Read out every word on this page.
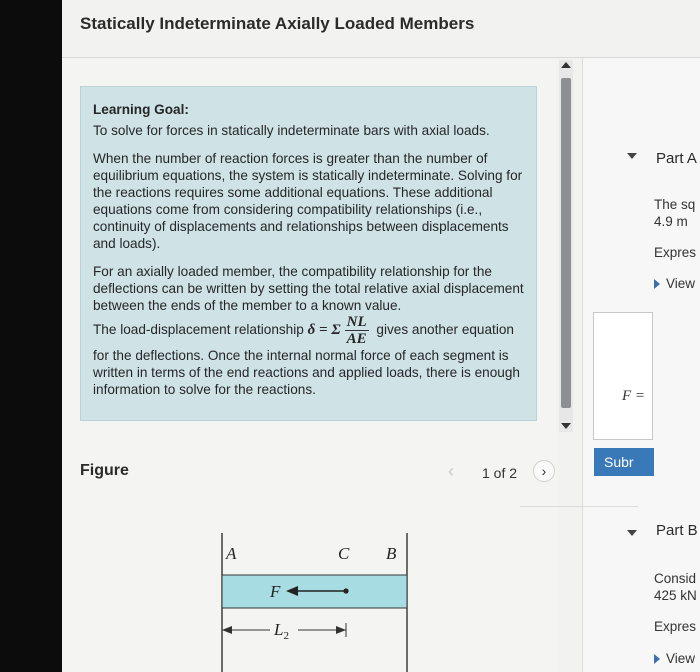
Statically Indeterminate Axially Loaded Members

Learning Goal:

To solve for forces in statically indeterminate bars with axial loads.

When the number of reaction forces is greater than the number of equilibrium equations, the system is statically indeterminate. Solving for the reactions requires some additional equations. These additional equations come from considering compatibility relationships (i.e., continuity of displacements and relationships between displacements and loads).

For an axially loaded member, the compatibility relationship for the deflections can be written by setting the total relative axial displacement between the ends of the member to a known value.

The load-displacement relationship δ = Σ $\frac{NL}{AE}$ gives another equation for the deflections. Once the internal normal force of each segment is written in terms of the end reactions and applied loads, there is enough information to solve for the reactions.

Figure	‹ 1 of 2	›
A	C B
F
$L_2$
Part A
The sq
4.9 m
Expres
View
F =
Subr
Part B
Consid
425 kN
Expres
View
